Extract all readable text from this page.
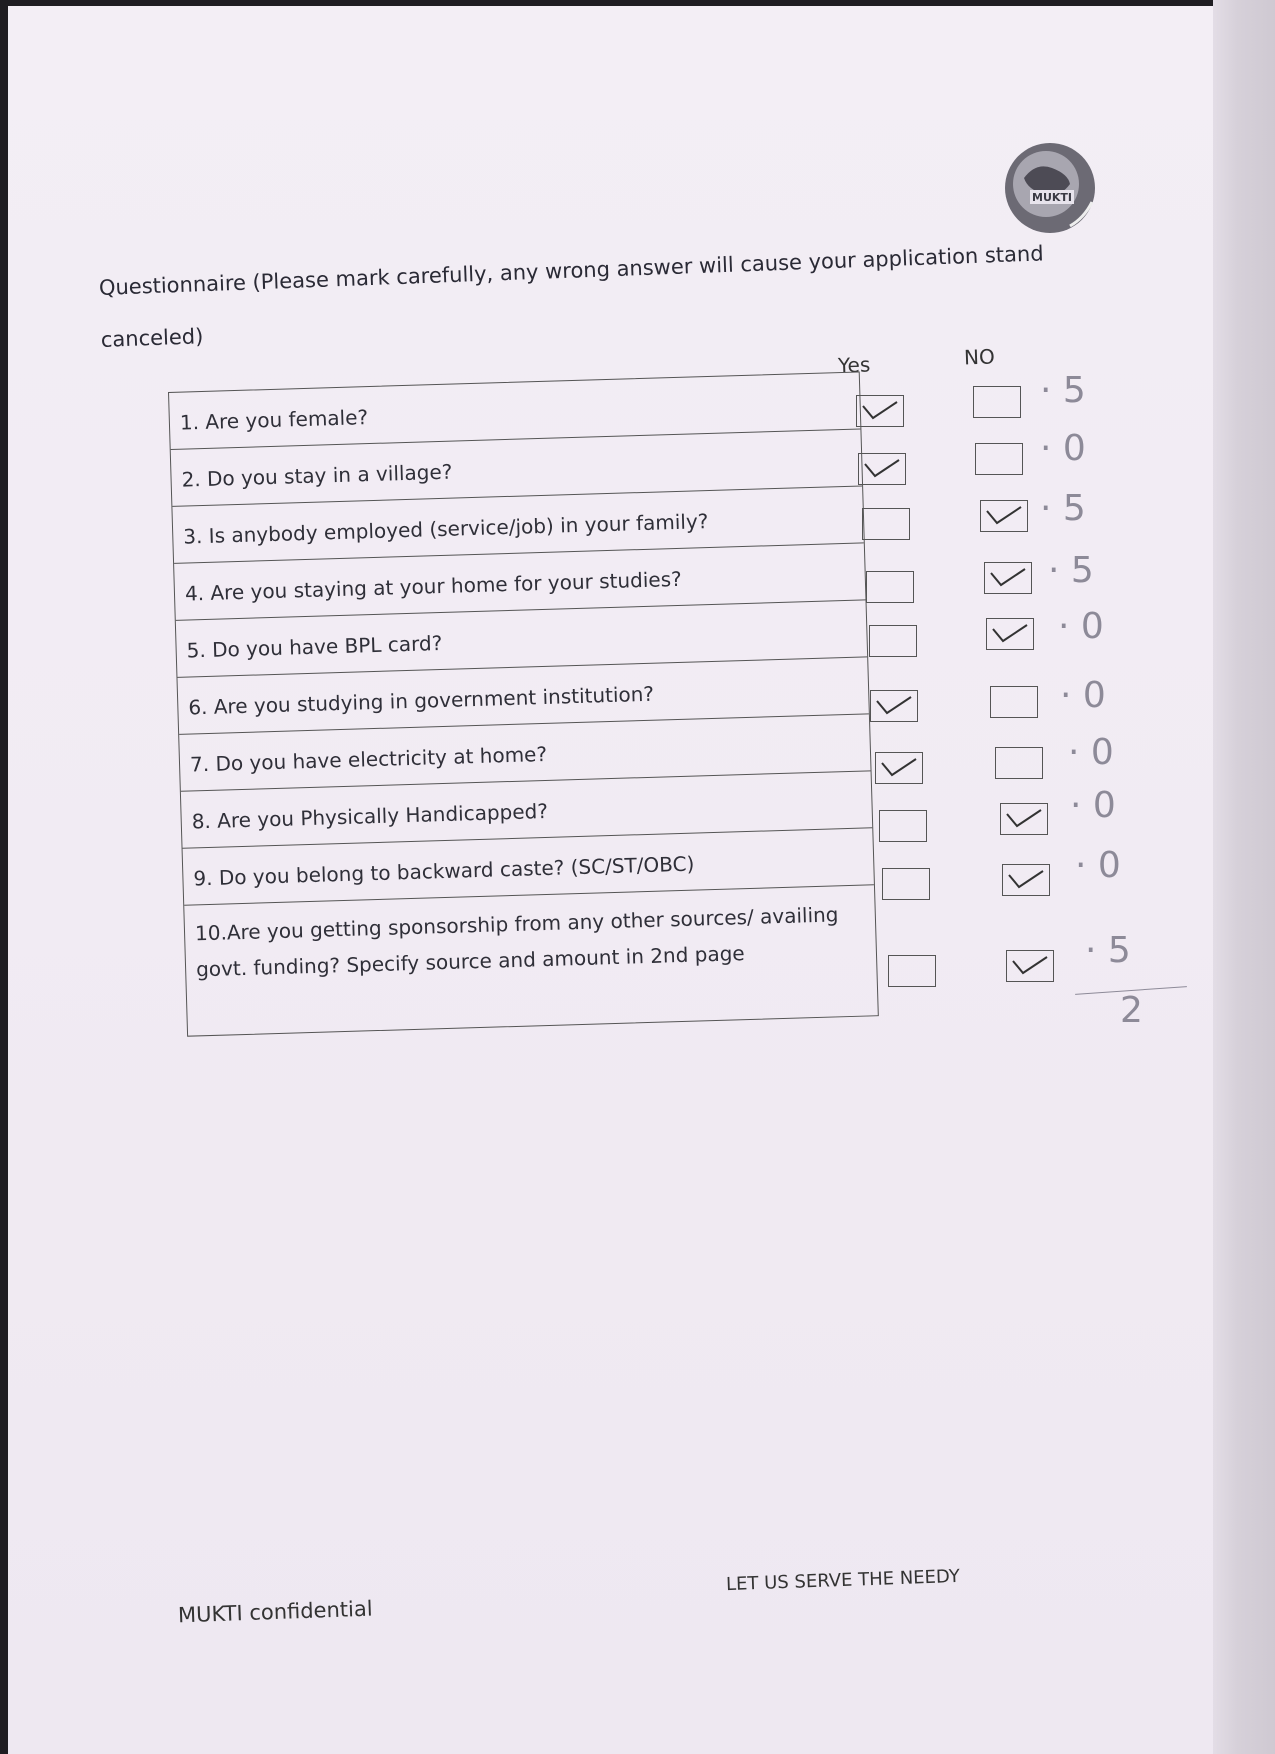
MUKTI
Questionnaire (Please mark carefully, any wrong answer will cause your application stand
canceled)
Yes	NO
1. Are you female?
2. Do you stay in a village?
3. Is anybody employed (service/job) in your family?
4. Are you staying at your home for your studies?
5. Do you have BPL card?
6. Are you studying in government institution?
7. Do you have electricity at home?
8. Are you Physically Handicapped?
9. Do you belong to backward caste? (SC/ST/OBC)
10.Are you getting sponsorship from any other sources/ availing govt. funding? Specify source and amount in 2nd page
· 5
· 0
· 5
· 5
· 0
· 0
· 0
· 0
· 0
· 5
2
MUKTI confidential
LET US SERVE THE NEEDY
